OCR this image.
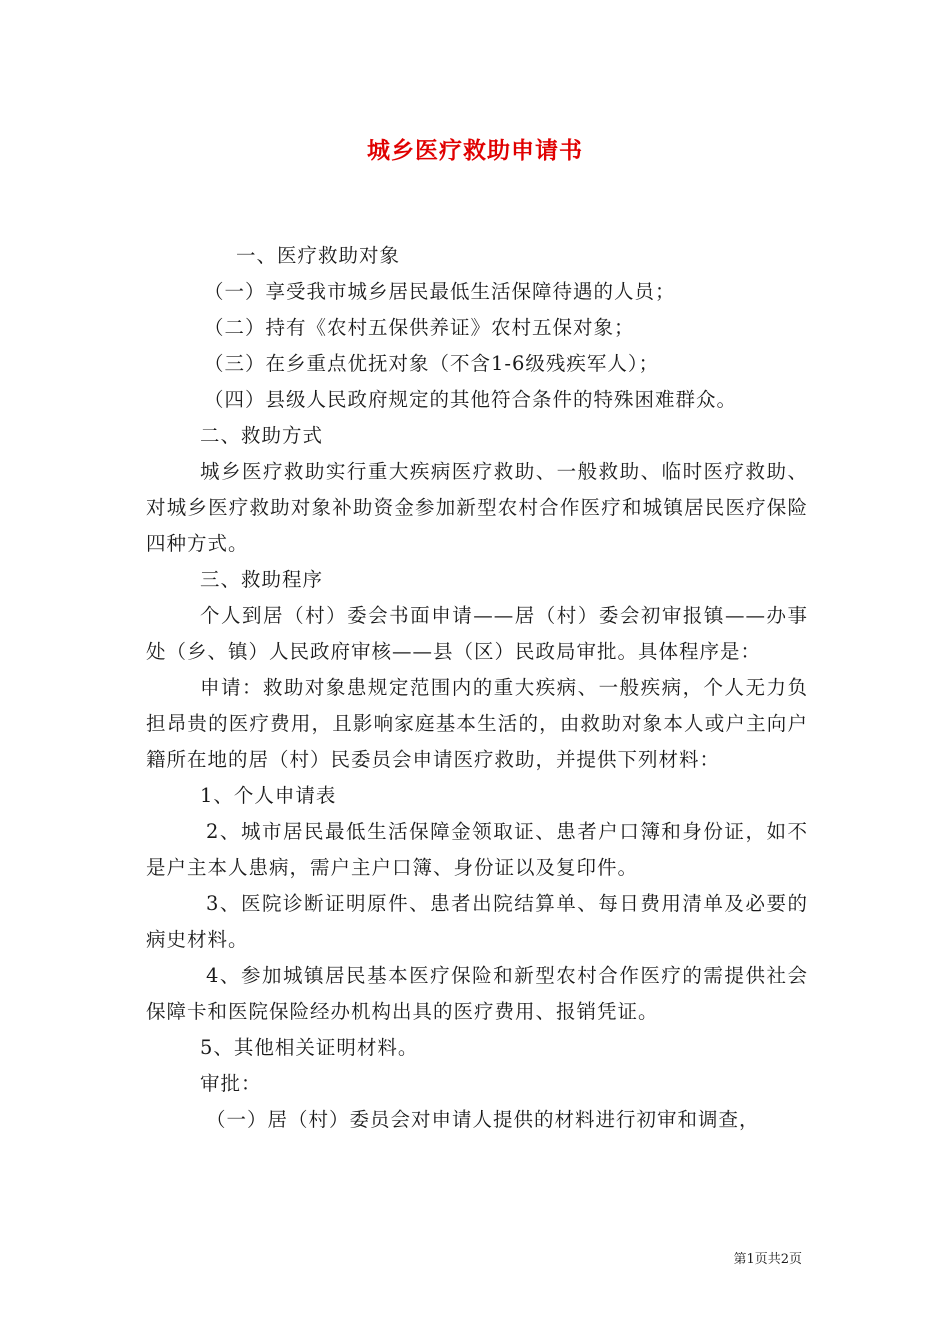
城乡医疗救助申请书

一、医疗救助对象

（一）享受我市城乡居民最低生活保障待遇的人员；

（二）持有《农村五保供养证》农村五保对象；

（三）在乡重点优抚对象（不含1-6级残疾军人）；

（四）县级人民政府规定的其他符合条件的特殊困难群众。

二、救助方式

城乡医疗救助实行重大疾病医疗救助、一般救助、临时医疗救助、对城乡医疗救助对象补助资金参加新型农村合作医疗和城镇居民医疗保险四种方式。

三、救助程序

个人到居（村）委会书面申请——居（村）委会初审报镇——办事处（乡、镇）人民政府审核——县（区）民政局审批。具体程序是：

申请：救助对象患规定范围内的重大疾病、一般疾病，个人无力负担昂贵的医疗费用，且影响家庭基本生活的，由救助对象本人或户主向户籍所在地的居（村）民委员会申请医疗救助，并提供下列材料：

1、个人申请表

2、城市居民最低生活保障金领取证、患者户口簿和身份证，如不是户主本人患病，需户主户口簿、身份证以及复印件。

3、医院诊断证明原件、患者出院结算单、每日费用清单及必要的病史材料。

4、参加城镇居民基本医疗保险和新型农村合作医疗的需提供社会保障卡和医院保险经办机构出具的医疗费用、报销凭证。

5、其他相关证明材料。

审批：

（一）居（村）委员会对申请人提供的材料进行初审和调查，

第1页共2页
